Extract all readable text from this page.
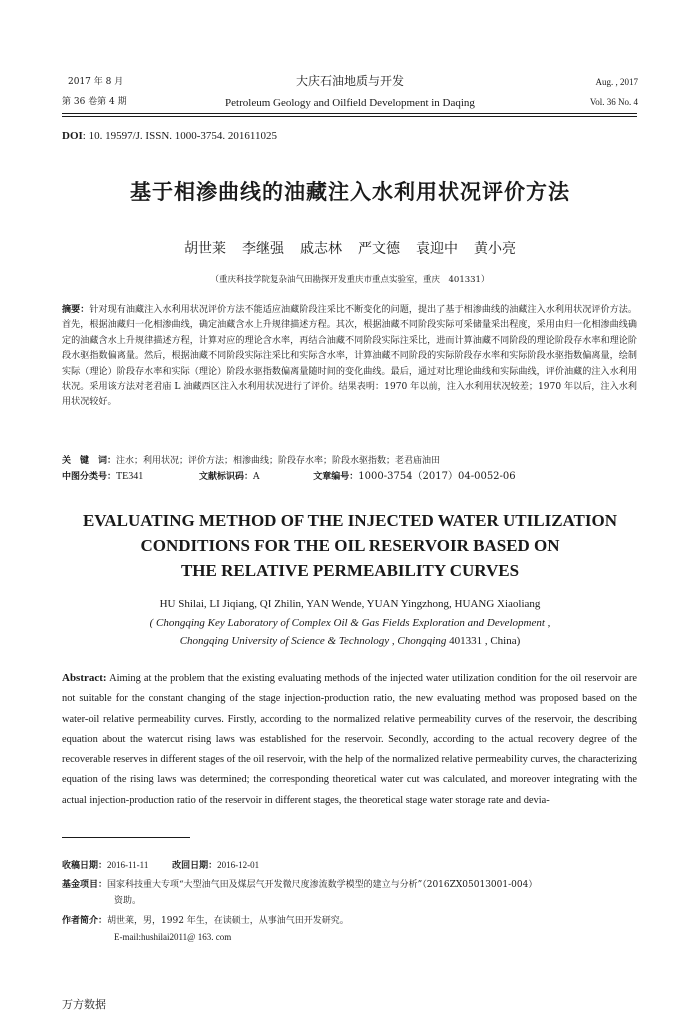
2017 年 8 月
第 36 卷第 4 期
大庆石油地质与开发
Petroleum Geology and Oilfield Development in Daqing
Aug. , 2017
Vol. 36 No. 4
DOI: 10. 19597/J. ISSN. 1000-3754. 201611025
基于相渗曲线的油藏注入水利用状况评价方法
胡世莱 李继强 戚志林 严文德 袁迎中 黄小亮
（重庆科技学院复杂油气田勘探开发重庆市重点实验室，重庆　401331）
摘要：针对现有油藏注入水利用状况评价方法不能适应油藏阶段注采比不断变化的问题，提出了基于相渗曲线的油藏注入水利用状况评价方法。首先，根据油藏归一化相渗曲线，确定油藏含水上升规律描述方程。其次，根据油藏不同阶段实际可采储量采出程度，采用由归一化相渗曲线确定的油藏含水上升规律描述方程，计算对应的理论含水率，再结合油藏不同阶段实际注采比，进而计算油藏不同阶段的理论阶段存水率和理论阶段水驱指数偏离量。然后，根据油藏不同阶段实际注采比和实际含水率，计算油藏不同阶段的实际阶段存水率和实际阶段水驱指数偏离量，绘制实际（理论）阶段存水率和实际（理论）阶段水驱指数偏离量随时间的变化曲线。最后，通过对比理论曲线和实际曲线，评价油藏的注入水利用状况。采用该方法对老君庙 L 油藏西区注入水利用状况进行了评价。结果表明：1970 年以前，注入水利用状况较差；1970 年以后，注入水利用状况较好。
关　键　词：注水；利用状况；评价方法；相渗曲线；阶段存水率；阶段水驱指数；老君庙油田
中图分类号：TE341	文献标识码：A	文章编号：1000-3754（2017）04-0052-06
EVALUATING METHOD OF THE INJECTED WATER UTILIZATION
CONDITIONS FOR THE OIL RESERVOIR BASED ON
THE RELATIVE PERMEABILITY CURVES
HU Shilai, LI Jiqiang, QI Zhilin, YAN Wende, YUAN Yingzhong, HUANG Xiaoliang
( Chongqing Key Laboratory of Complex Oil & Gas Fields Exploration and Development ,
Chongqing University of Science & Technology , Chongqing 401331 , China)
Abstract: Aiming at the problem that the existing evaluating methods of the injected water utilization condition for the oil reservoir are not suitable for the constant changing of the stage injection-production ratio, the new evaluating method was proposed based on the water-oil relative permeability curves. Firstly, according to the normalized relative permeability curves of the reservoir, the describing equation about the watercut rising laws was established for the reservoir. Secondly, according to the actual recovery degree of the recoverable reserves in different stages of the oil reservoir, with the help of the normalized relative permeability curves, the characterizing equation of the rising laws was determined; the corresponding theoretical water cut was calculated, and moreover integrating with the actual injection-production ratio of the reservoir in different stages, the theoretical stage water storage rate and devia-
收稿日期：2016-11-11	改回日期：2016-12-01
基金项目：国家科技重大专项“大型油气田及煤层气开发微尺度渗流数学模型的建立与分析”（2016ZX05013001-004）
资助。
作者简介：胡世莱，男，1992 年生，在读硕士，从事油气田开发研究。
E-mail:hushilai2011@ 163. com
万方数据
